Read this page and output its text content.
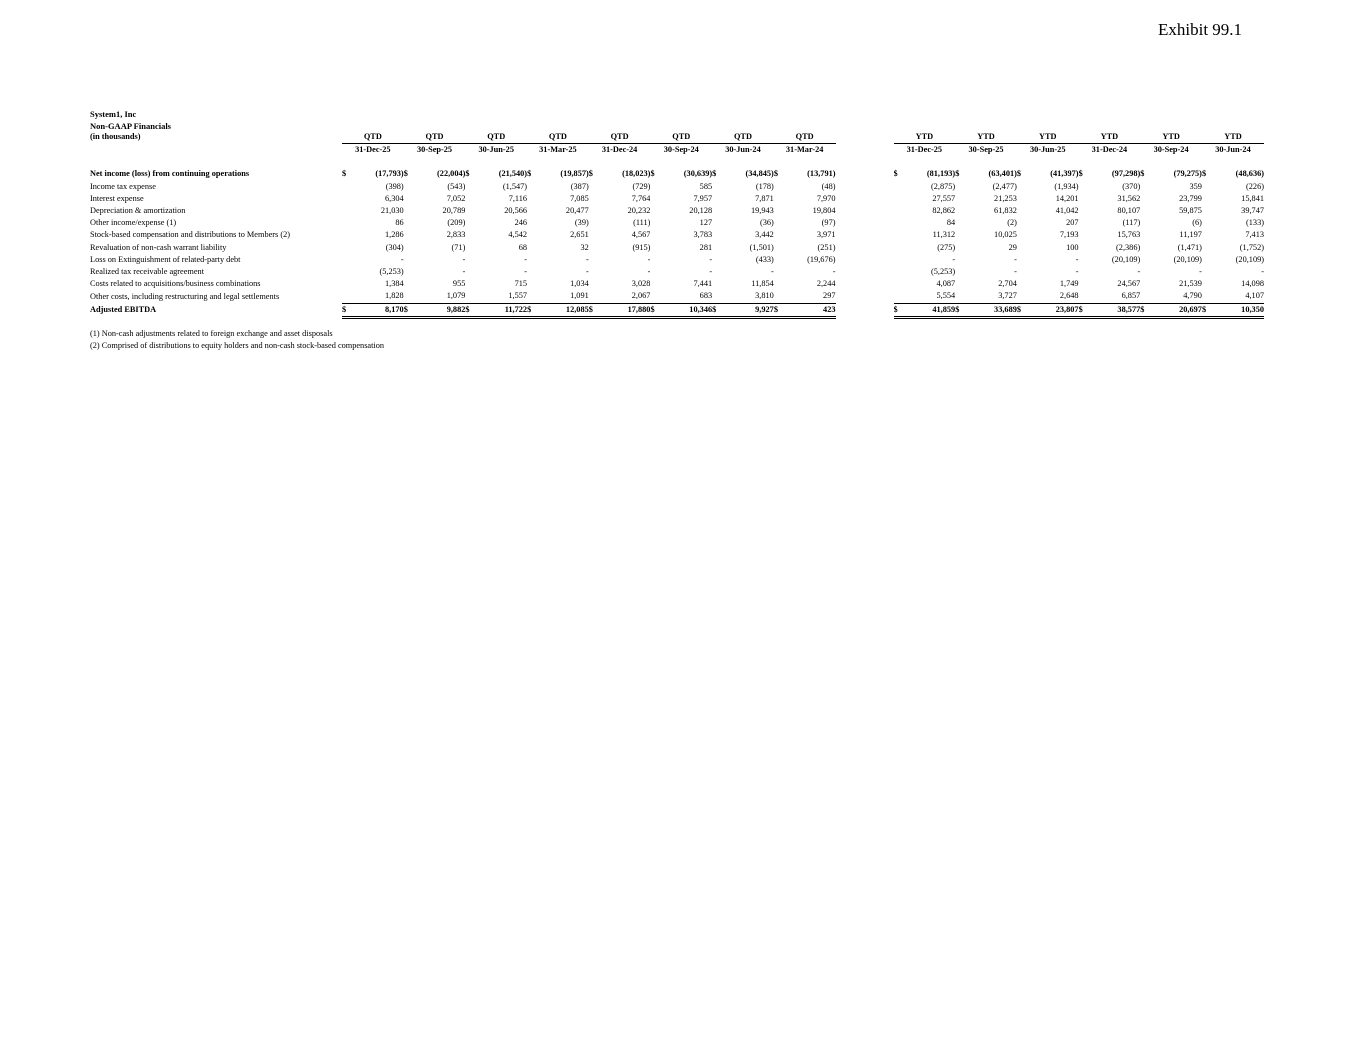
Exhibit 99.1
System1, Inc
Non-GAAP Financials
(in thousands)	QTD		QTD		QTD		QTD		QTD		QTD		QTD		QTD			YTD		YTD		YTD		YTD		YTD		YTD	
	31-Dec-25		30-Sep-25		30-Jun-25		31-Mar-25		31-Dec-24		30-Sep-24		30-Jun-24		31-Mar-24			31-Dec-25		30-Sep-25		30-Jun-25		31-Dec-24		30-Sep-24		30-Jun-24	

Net income (loss) from continuing operations	$	(17,793)	$	(22,004)	$	(21,540)	$	(19,857)	$	(18,023)	$	(30,639)	$	(34,845)	$	(13,791)		$	(81,193)	$	(63,401)	$	(41,397)	$	(97,298)	$	(79,275)	$	(48,636)
Income tax expense		(398)		(543)		(1,547)		(387)		(729)		585		(178)		(48)			(2,875)		(2,477)		(1,934)		(370)		359		(226)
Interest expense		6,304		7,052		7,116		7,085		7,764		7,957		7,871		7,970			27,557		21,253		14,201		31,562		23,799		15,841
Depreciation & amortization		21,030		20,789		20,566		20,477		20,232		20,128		19,943		19,804			82,862		61,832		41,042		80,107		59,875		39,747
Other income/expense (1)		86		(209)		246		(39)		(111)		127		(36)		(97)			84		(2)		207		(117)		(6)		(133)
Stock-based compensation and distributions to Members (2)		1,286		2,833		4,542		2,651		4,567		3,783		3,442		3,971			11,312		10,025		7,193		15,763		11,197		7,413
Revaluation of non-cash warrant liability		(304)		(71)		68		32		(915)		281		(1,501)		(251)			(275)		29		100		(2,386)		(1,471)		(1,752)
Loss on Extinguishment of related-party debt		-		-		-		-		-		-		(433)		(19,676)			-		-		-		(20,109)		(20,109)		(20,109)
Realized tax receivable agreement		(5,253)		-		-		-		-		-		-		-			(5,253)		-		-		-		-		-
Costs related to acquisitions/business combinations		1,384		955		715		1,034		3,028		7,441		11,854		2,244			4,087		2,704		1,749		24,567		21,539		14,098
Other costs, including restructuring and legal settlements		1,828		1,079		1,557		1,091		2,067		683		3,810		297			5,554		3,727		2,648		6,857		4,790		4,107
Adjusted EBITDA	$	8,170	$	9,882	$	11,722	$	12,085	$	17,880	$	10,346	$	9,927	$	423		$	41,859	$	33,689	$	23,807	$	38,577	$	20,697	$	10,350
(1) Non-cash adjustments related to foreign exchange and asset disposals
(2) Comprised of distributions to equity holders and non-cash stock-based compensation
